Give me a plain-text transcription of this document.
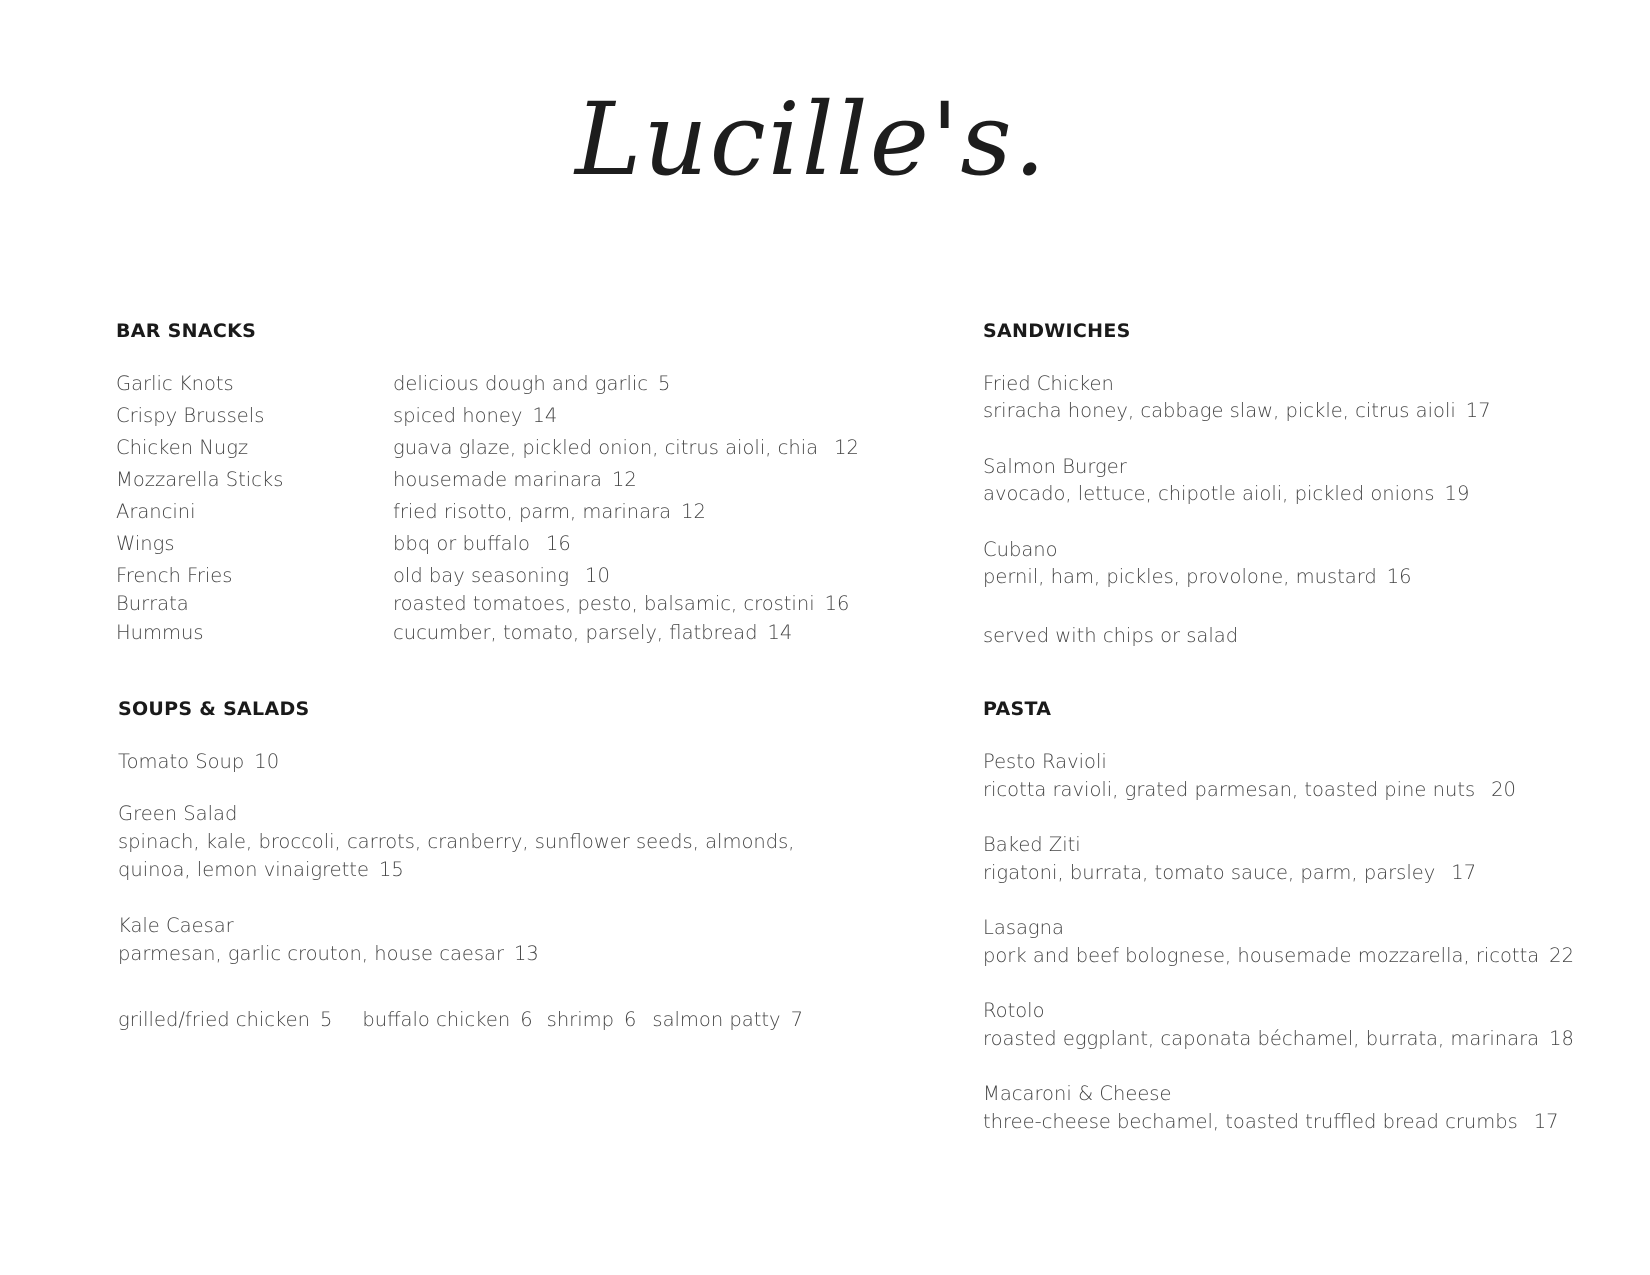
Lucille's.
BAR SNACKS
Garlic Knots	delicious dough and garlic 5
Crispy Brussels	spiced honey 14
Chicken Nugz	guava glaze, pickled onion, citrus aioli, chia 12
Mozzarella Sticks	housemade marinara 12
Arancini	fried risotto, parm, marinara 12
Wings	bbq or buffalo 16
French Fries	old bay seasoning 10
Burrata	roasted tomatoes, pesto, balsamic, crostini 16
Hummus	cucumber, tomato, parsely, flatbread 14
SOUPS & SALADS
Tomato Soup 10
Green Salad
spinach, kale, broccoli, carrots, cranberry, sunflower seeds, almonds,
quinoa, lemon vinaigrette 15
Kale Caesar
parmesan, garlic crouton, house caesar 13
grilled/fried chicken 5 buffalo chicken 6 shrimp 6 salmon patty 7
SANDWICHES
Fried Chicken
sriracha honey, cabbage slaw, pickle, citrus aioli 17
Salmon Burger
avocado, lettuce, chipotle aioli, pickled onions 19
Cubano
pernil, ham, pickles, provolone, mustard 16
served with chips or salad
PASTA
Pesto Ravioli
ricotta ravioli, grated parmesan, toasted pine nuts 20
Baked Ziti
rigatoni, burrata, tomato sauce, parm, parsley 17
Lasagna
pork and beef bolognese, housemade mozzarella, ricotta 22
Rotolo
roasted eggplant, caponata béchamel, burrata, marinara 18
Macaroni & Cheese
three-cheese bechamel, toasted truffled bread crumbs 17
